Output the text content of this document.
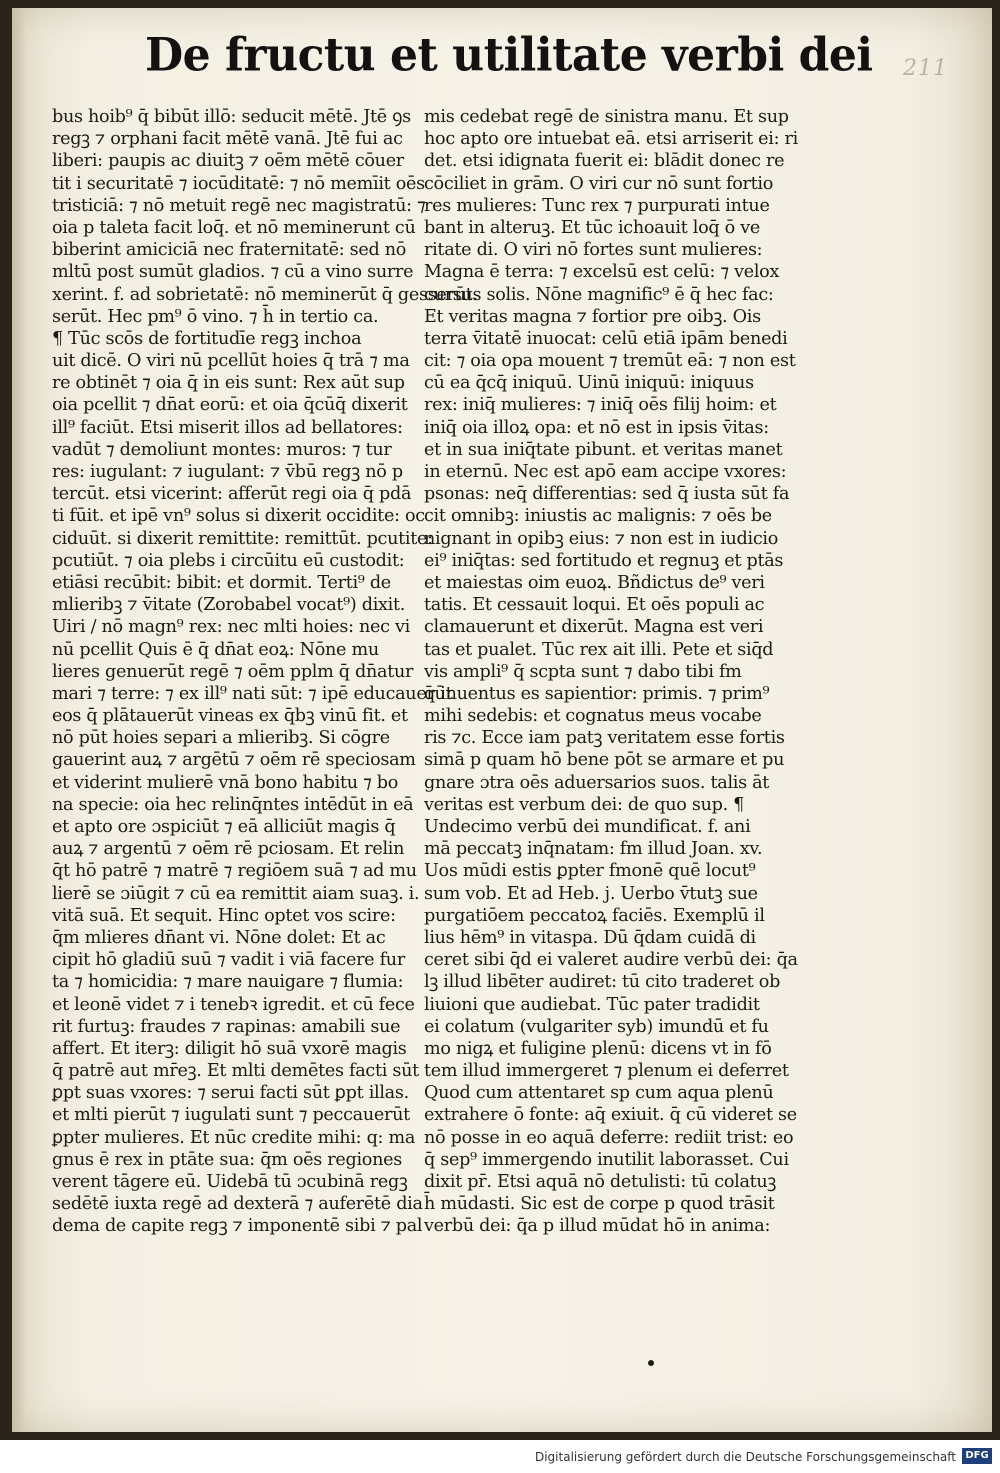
De fructu et utilitate verbi dei 211
bus hoib⁹ q̄ bibūt illō: seducit mētē. Jtē ꝯs
regꝫ ⁊ orphani facit mētē vanā. Jtē fui ac
liberi: paupis ac diuitꝫ ⁊ oēm mētē cōuer
tit i securitatē ⁊ iocūditatē: ⁊ nō memīit oēs
tristiciā: ⁊ nō metuit regē nec magistratū: ⁊
oia p taleta facit loq̄. et nō meminerunt cū
biberint amiciciā nec fraternitatē: sed nō
mltū post sumūt gladios. ⁊ cū a vino surre
xerint. f. ad sobrietatē: nō meminerūt q̄ gesserūt.
serūt. Hec pm⁹ ō vino. ⁊ h̄ in tertio ca.
¶ Tūc scōs de fortitudīe regꝫ inchoa
uit dicē. O viri nū pcellūt hoies q̄ trā ⁊ ma
re obtinēt ⁊ oia q̄ in eis sunt: Rex aūt sup
oia pcellit ⁊ dn̄at eorū: et oia q̄cūq̄ dixerit
ill⁹ faciūt. Etsi miserit illos ad bellatores:
vadūt ⁊ demoliunt montes: muros: ⁊ tur
res: iugulant: ⁊ iugulant: ⁊ v̄bū regꝫ nō p
tercūt. etsi vicerint: afferūt regi oia q̄ pdā
ti fūit. et ipē vn⁹ solus si dixerit occidite: oc
ciduūt. si dixerit remittite: remittūt. pcutite:
pcutiūt. ⁊ oia plebs i circūitu eū custodit:
etiāsi recūbit: bibit: et dormit. Terti⁹ de
mlieribꝫ ⁊ v̄itate (Zorobabel vocat⁹) dixit.
Uiri / nō magn⁹ rex: nec mlti hoies: nec vi
nū pcellit Quis ē q̄ dn̄at eoꝝ: Nōne mu
lieres genuerūt regē ⁊ oēm pplm q̄ dn̄atur
mari ⁊ terre: ⁊ ex ill⁹ nati sūt: ⁊ ipē educauerūt
eos q̄ plātauerūt vineas ex q̄bꝫ vinū fit. et
nō pūt hoies separi a mlieribꝫ. Si cōgre
gauerint auꝝ ⁊ argētū ⁊ oēm rē speciosam
et viderint mulierē vnā bono habitu ⁊ bo
na specie: oia hec relinq̄ntes intēdūt in eā
et apto ore ɔspiciūt ⁊ eā alliciūt magis q̄
auꝝ ⁊ argentū ⁊ oēm rē pciosam. Et relin
q̄t hō patrē ⁊ matrē ⁊ regiōem suā ⁊ ad mu
lierē se ɔiūgit ⁊ cū ea remittit aiam suaꝫ. i.
vitā suā. Et sequit. Hinc optet vos scire:
q̄m mlieres dn̄ant vi. Nōne dolet: Et ac
cipit hō gladiū suū ⁊ vadit i viā facere fur
ta ⁊ homicidia: ⁊ mare nauigare ⁊ flumia:
et leonē videt ⁊ i tenebꝛ igredit. et cū fece
rit furtuꝫ: fraudes ⁊ rapinas: amabili sue
affert. Et iterꝫ: diligit hō suā vxorē magis
q̄ patrē aut mr̄eꝫ. Et mlti demētes facti sūt
ꝑpt suas vxores: ⁊ serui facti sūt ꝑpt illas.
et mlti pierūt ⁊ iugulati sunt ⁊ peccauerūt
ꝑpter mulieres. Et nūc credite mihi: q: ma
gnus ē rex in ptāte sua: q̄m oēs regiones
verent tāgere eū. Uidebā tū ɔcubinā regꝫ
sedētē iuxta regē ad dexterā ⁊ auferētē dia
dema de capite regꝫ ⁊ imponentē sibi ⁊ pal
mis cedebat regē de sinistra manu. Et sup
hoc apto ore intuebat eā. etsi arriserit ei: ri
det. etsi idignata fuerit ei: blādit donec re
cōciliet in grām. O viri cur nō sunt fortio
res mulieres: Tunc rex ⁊ purpurati intue
bant in alteruꝫ. Et tūc ichoauit loq̄ ō ve
ritate di. O viri nō fortes sunt mulieres:
Magna ē terra: ⁊ excelsū est celū: ⁊ velox
cursus solis. Nōne magnific⁹ ē q̄ hec fac:
Et veritas magna ⁊ fortior pre oibꝫ. Ois
terra v̄itatē inuocat: celū etiā ipām benedi
cit: ⁊ oia opa mouent ⁊ tremūt eā: ⁊ non est
cū ea q̄cq̄ iniquū. Uinū iniquū: iniquus
rex: iniq̄ mulieres: ⁊ iniq̄ oēs filij hoim: et
iniq̄ oia illoꝝ opa: et nō est in ipsis v̄itas:
et in sua iniq̄tate pibunt. et veritas manet
in eternū. Nec est apō eam accipe vxores:
psonas: neq̄ differentias: sed q̄ iusta sūt fa
cit omnibꝫ: iniustis ac malignis: ⁊ oēs be
nignant in opibꝫ eius: ⁊ non est in iudicio
ei⁹ iniq̄tas: sed fortitudo et regnuꝫ et ptās
et maiestas oim euoꝝ. Bñdictus de⁹ veri
tatis. Et cessauit loqui. Et oēs populi ac
clamauerunt et dixerūt. Magna est veri
tas et pualet. Tūc rex ait illi. Pete et siq̄d
vis ampli⁹ q̄ scpta sunt ⁊ dabo tibi fm
q̄ inuentus es sapientior: primis. ⁊ prim⁹
mihi sedebis: et cognatus meus vocabe
ris ⁊c. Ecce iam patꝫ veritatem esse fortis
simā p quam hō bene pōt se armare et pu
gnare ɔtra oēs aduersarios suos. talis āt
veritas est verbum dei: de quo sup. ¶
Undecimo verbū dei mundificat. f. ani
mā peccatꝫ inq̄natam: fm illud Joan. xv.
Uos mūdi estis ꝑpter fmonē quē locut⁹
sum vob. Et ad Heb. j. Uerbo v̄tutꝫ sue
purgatiōem peccatoꝝ faciēs. Exemplū il
lius hēm⁹ in vitaspa. Dū q̄dam cuidā di
ceret sibi q̄d ei valeret audire verbū dei: q̄a
lꝫ illud libēter audiret: tū cito traderet ob
liuioni que audiebat. Tūc pater tradidit
ei colatum (vulgariter syb) imundū et fu
mo nigꝝ et fuligine plenū: dicens vt in fō
tem illud immergeret ⁊ plenum ei deferret
Quod cum attentaret sp cum aqua plenū
extrahere ō fonte: aq̄ exiuit. q̄ cū videret se
nō posse in eo aquā deferre: rediit trist: eo
q̄ sep⁹ immergendo inutilit laborasset. Cui
dixit pr̄. Etsi aquā nō detulisti: tū colatuꝫ
h̄ mūdasti. Sic est de corpe p quod trāsit
verbū dei: q̄a p illud mūdat hō in anima:
Digitalisierung gefördert durch die Deutsche Forschungsgemeinschaft DFG
